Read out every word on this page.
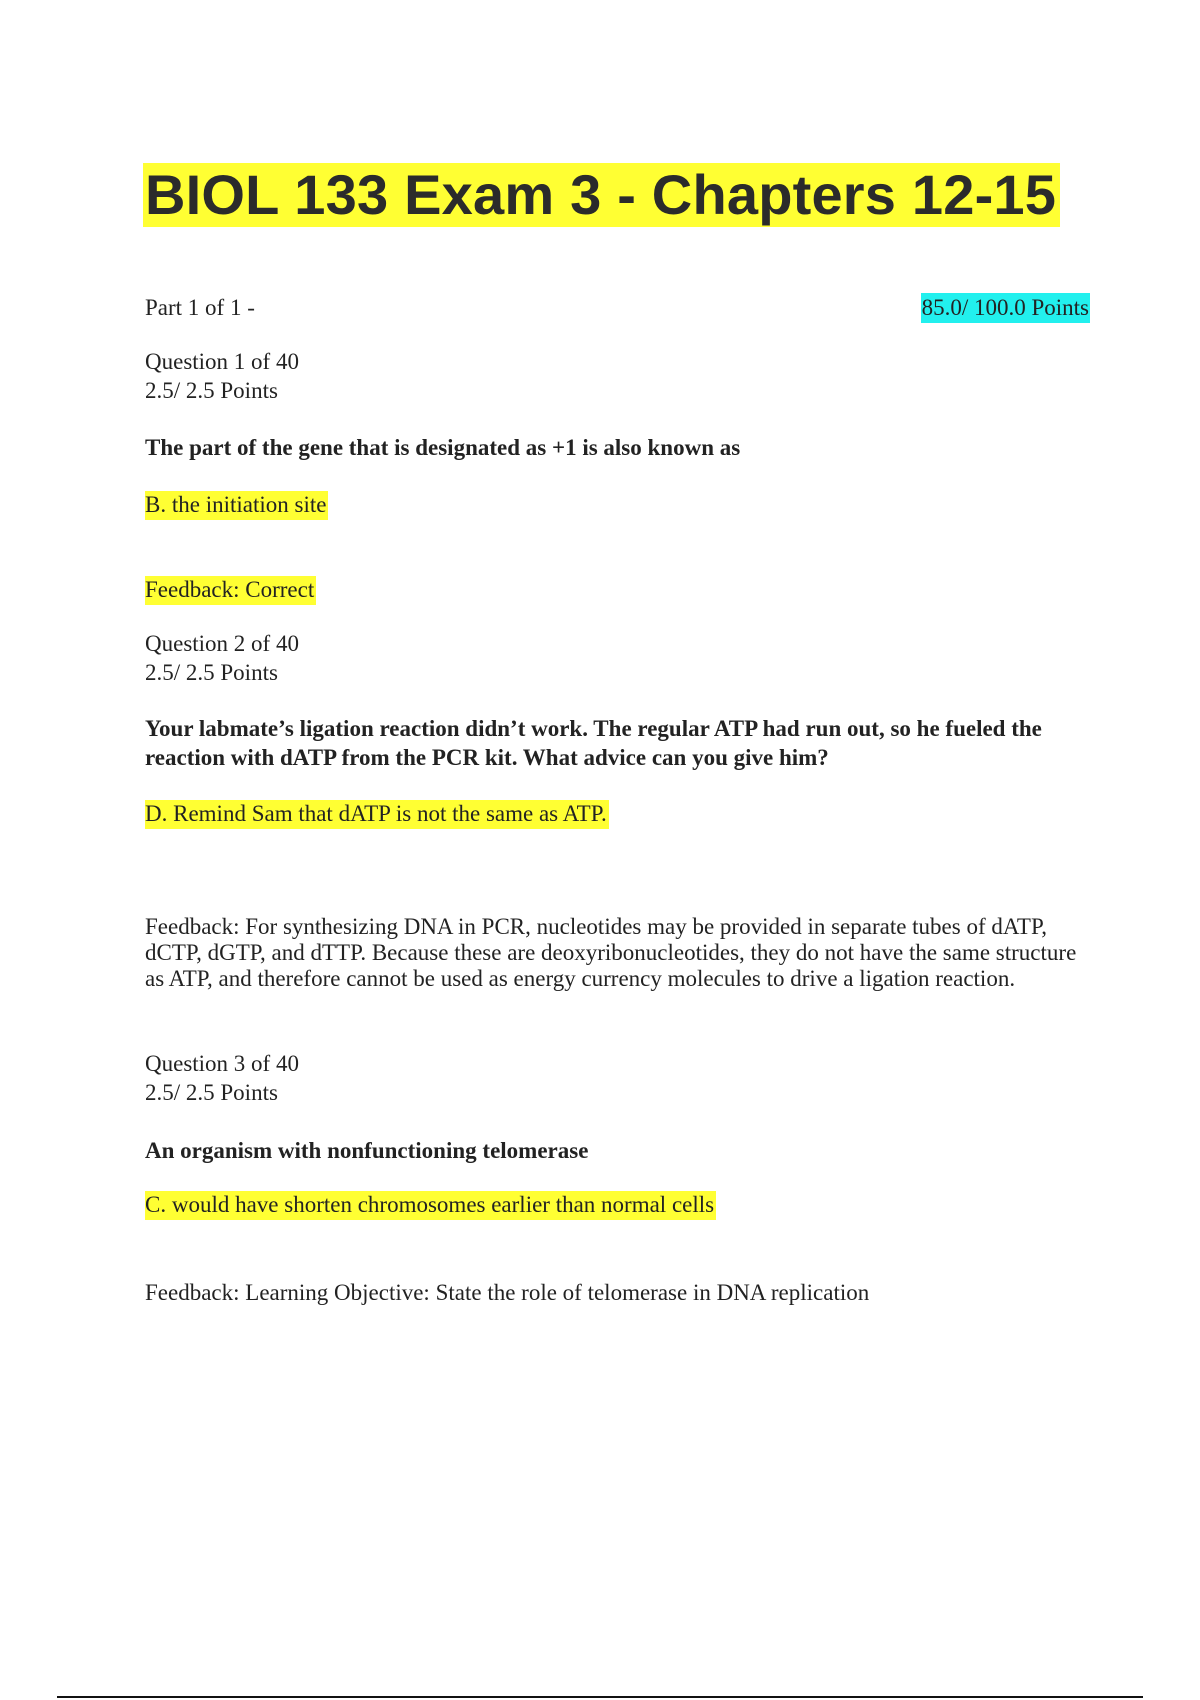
BIOL 133 Exam 3 - Chapters 12-15
Part 1 of 1 -	85.0/ 100.0 Points
Question 1 of 40
2.5/ 2.5 Points
The part of the gene that is designated as +1 is also known as
B. the initiation site
Feedback: Correct
Question 2 of 40
2.5/ 2.5 Points
Your labmate’s ligation reaction didn’t work. The regular ATP had run out, so he fueled the reaction with dATP from the PCR kit. What advice can you give him?
D. Remind Sam that dATP is not the same as ATP.
Feedback: For synthesizing DNA in PCR, nucleotides may be provided in separate tubes of dATP, dCTP, dGTP, and dTTP. Because these are deoxyribonucleotides, they do not have the same structure as ATP, and therefore cannot be used as energy currency molecules to drive a ligation reaction.
Question 3 of 40
2.5/ 2.5 Points
An organism with nonfunctioning telomerase
C. would have shorten chromosomes earlier than normal cells
Feedback: Learning Objective: State the role of telomerase in DNA replication
